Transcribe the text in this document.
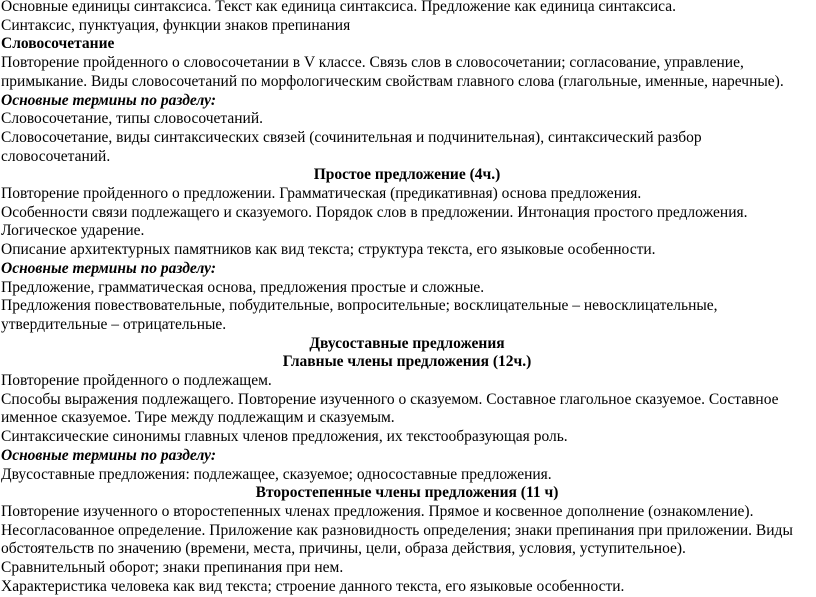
Основные единицы синтаксиса. Текст как единица синтаксиса. Предложение как единица синтаксиса.

Синтаксис, пунктуация, функции знаков препинания

Словосочетание

Повторение пройденного о словосочетании в V классе. Связь слов в словосочетании; согласование, управление, примыкание. Виды словосочетаний по морфологическим свойствам главного слова (глагольные, именные, наречные).

Основные термины по разделу:

Словосочетание, типы словосочетаний.

Словосочетание, виды синтаксических связей (сочинительная и подчинительная), синтаксический разбор словосочетаний.

Простое предложение (4ч.)

Повторение пройденного о предложении. Грамматическая (предикативная) основа предложения.

Особенности связи подлежащего и сказуемого. Порядок слов в предложении. Интонация простого предложения.

Логическое ударение.

Описание архитектурных памятников как вид текста; структура текста, его языковые особенности.

Основные термины по разделу:

Предложение, грамматическая основа, предложения простые и сложные.

Предложения повествовательные, побудительные, вопросительные; восклицательные – невосклицательные, утвердительные – отрицательные.

Двусоставные предложения

Главные члены предложения (12ч.)

Повторение пройденного о подлежащем.

Способы выражения подлежащего. Повторение изученного о сказуемом. Составное глагольное сказуемое. Составное именное сказуемое. Тире между подлежащим и сказуемым.

Синтаксические синонимы главных членов предложения, их текстообразующая роль.

Основные термины по разделу:

Двусоставные предложения: подлежащее, сказуемое; односоставные предложения.

Второстепенные члены предложения (11 ч)

Повторение изученного о второстепенных членах предложения. Прямое и косвенное дополнение (ознакомление).

Несогласованное определение. Приложение как разновидность определения; знаки препинания при приложении. Виды обстоятельств по значению (времени, места, причины, цели, образа действия, условия, уступительное).

Сравнительный оборот; знаки препинания при нем.

Характеристика человека как вид текста; строение данного текста, его языковые особенности.
